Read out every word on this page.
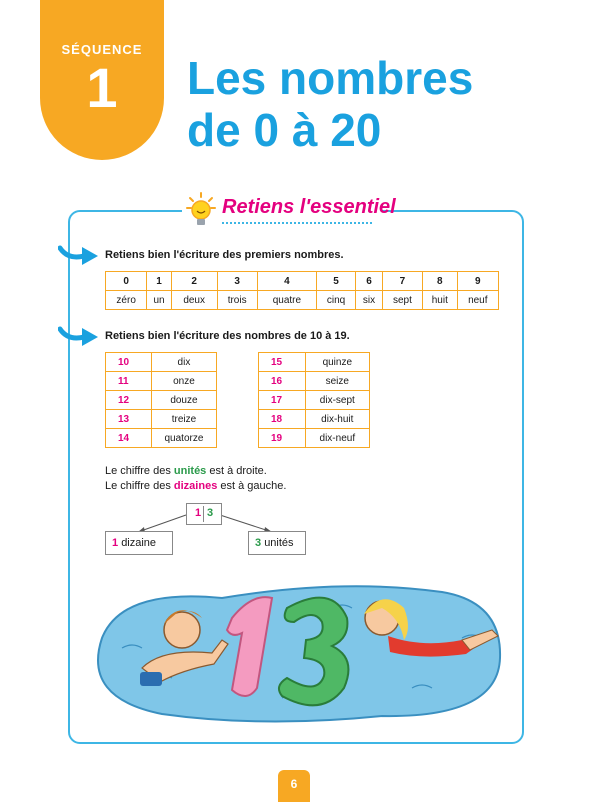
SÉQUENCE
1	Les nombres
de 0 à 20
Retiens l'essentiel
Retiens bien l'écriture des premiers nombres.
0	1	2	3	4	5	6	7	8	9
zéro	un	deux	trois	quatre	cinq	six	sept	huit	neuf
Retiens bien l'écriture des nombres de 10 à 19.
10	dix
11	onze
12	douze
13	treize
14	quatorze
15	quinze
16	seize
17	dix-sept
18	dix-huit
19	dix-neuf
Le chiffre des unités est à droite.
Le chiffre des dizaines est à gauche.
1 3
1 dizaine	3 unités
6
